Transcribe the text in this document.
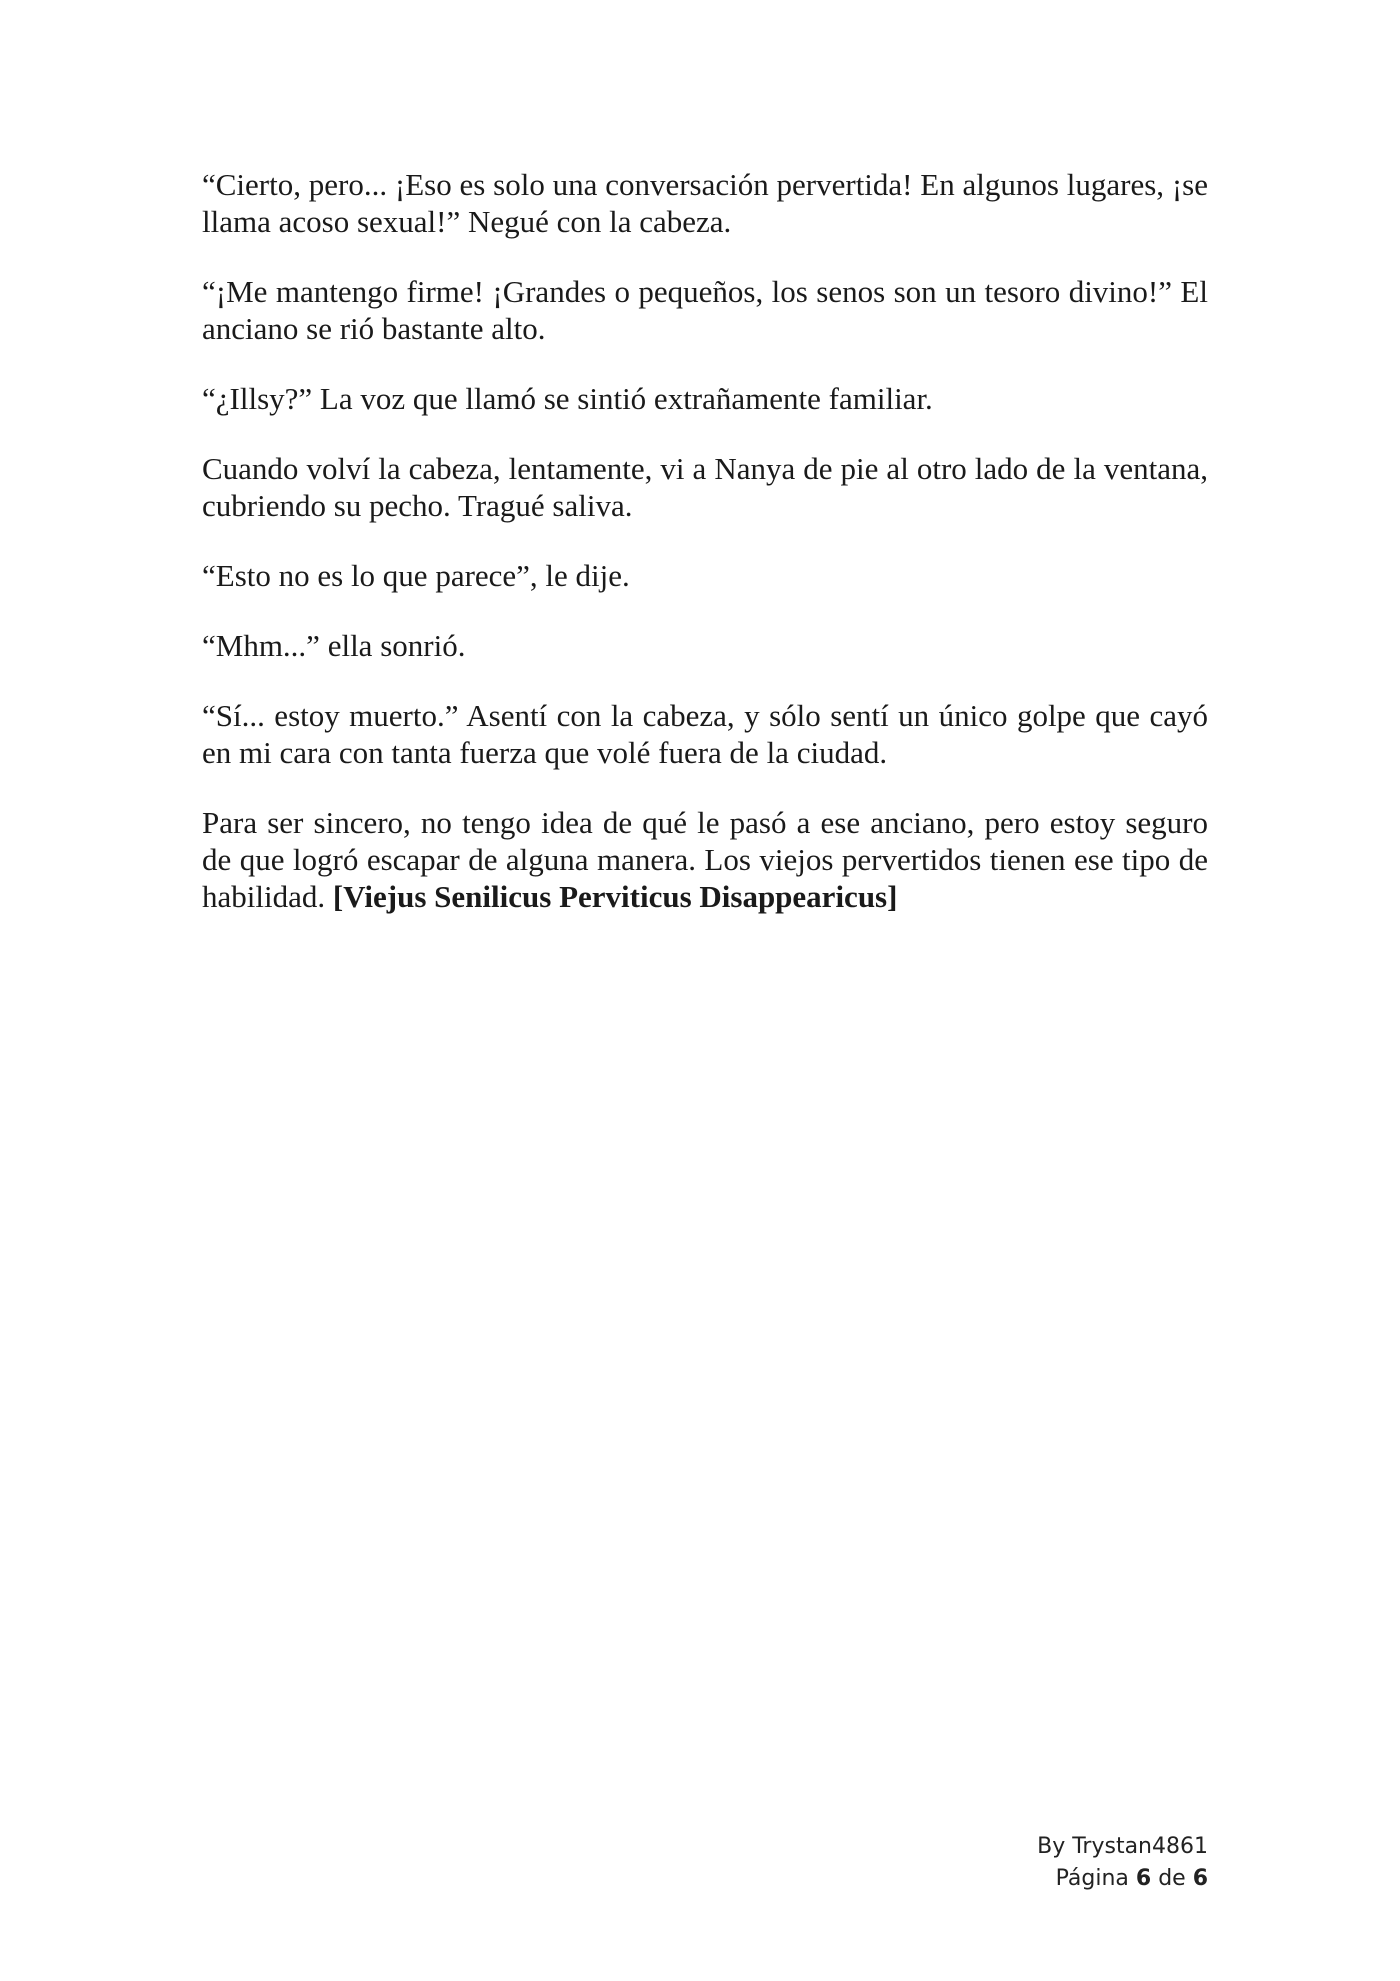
“Cierto, pero... ¡Eso es solo una conversación pervertida! En algunos lugares, ¡se llama acoso sexual!” Negué con la cabeza.

“¡Me mantengo firme! ¡Grandes o pequeños, los senos son un tesoro divino!” El anciano se rió bastante alto.

“¿Illsy?” La voz que llamó se sintió extrañamente familiar.

Cuando volví la cabeza, lentamente, vi a Nanya de pie al otro lado de la ventana, cubriendo su pecho. Tragué saliva.

“Esto no es lo que parece”, le dije.

“Mhm...” ella sonrió.

“Sí... estoy muerto.” Asentí con la cabeza, y sólo sentí un único golpe que cayó en mi cara con tanta fuerza que volé fuera de la ciudad.

Para ser sincero, no tengo idea de qué le pasó a ese anciano, pero estoy seguro de que logró escapar de alguna manera. Los viejos pervertidos tienen ese tipo de habilidad. [Viejus Senilicus Perviticus Disappearicus]

By Trystan4861
Página 6 de 6
